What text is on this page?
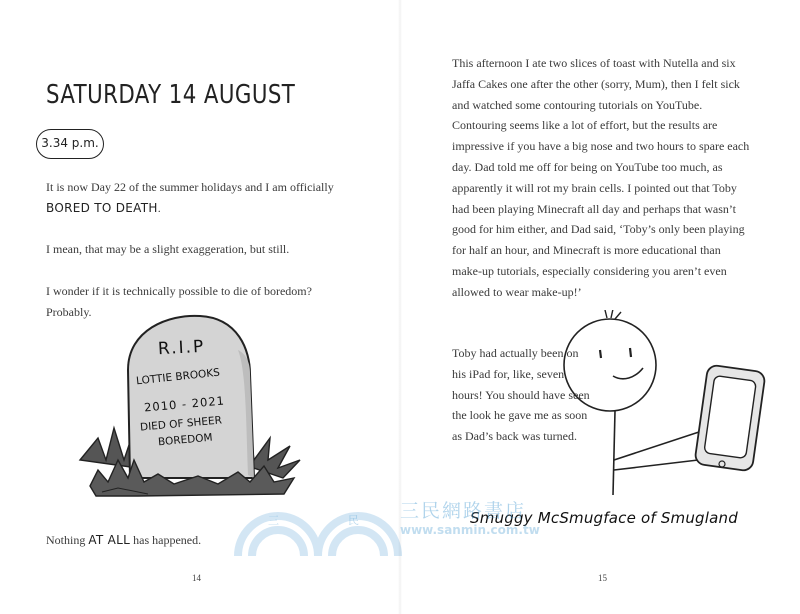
SATURDAY 14 AUGUST
3.34 p.m.

It is now Day 22 of the summer holidays and I am officially BORED TO DEATH.

I mean, that may be a slight exaggeration, but still.

I wonder if it is technically possible to die of boredom? Probably.

R.I.P
LOTTIE BROOKS
2010 - 2021
DIED OF SHEER
BOREDOM

Nothing AT ALL has happened.

14

This afternoon I ate two slices of toast with Nutella and six Jaffa Cakes one after the other (sorry, Mum), then I felt sick and watched some contouring tutorials on YouTube. Contouring seems like a lot of effort, but the results are impressive if you have a big nose and two hours to spare each day. Dad told me off for being on YouTube too much, as apparently it will rot my brain cells. I pointed out that Toby had been playing Minecraft all day and perhaps that wasn’t good for him either, and Dad said, ‘Toby’s only been playing for half an hour, and Minecraft is more educational than make-up tutorials, especially considering you aren’t even allowed to wear make-up!’

Toby had actually been on his iPad for, like, seven hours! You should have seen the look he gave me as soon as Dad’s back was turned.

Smuggy McSmugface of Smugland
15
三民網路書店
www.sanmin.com.tw
三	民
